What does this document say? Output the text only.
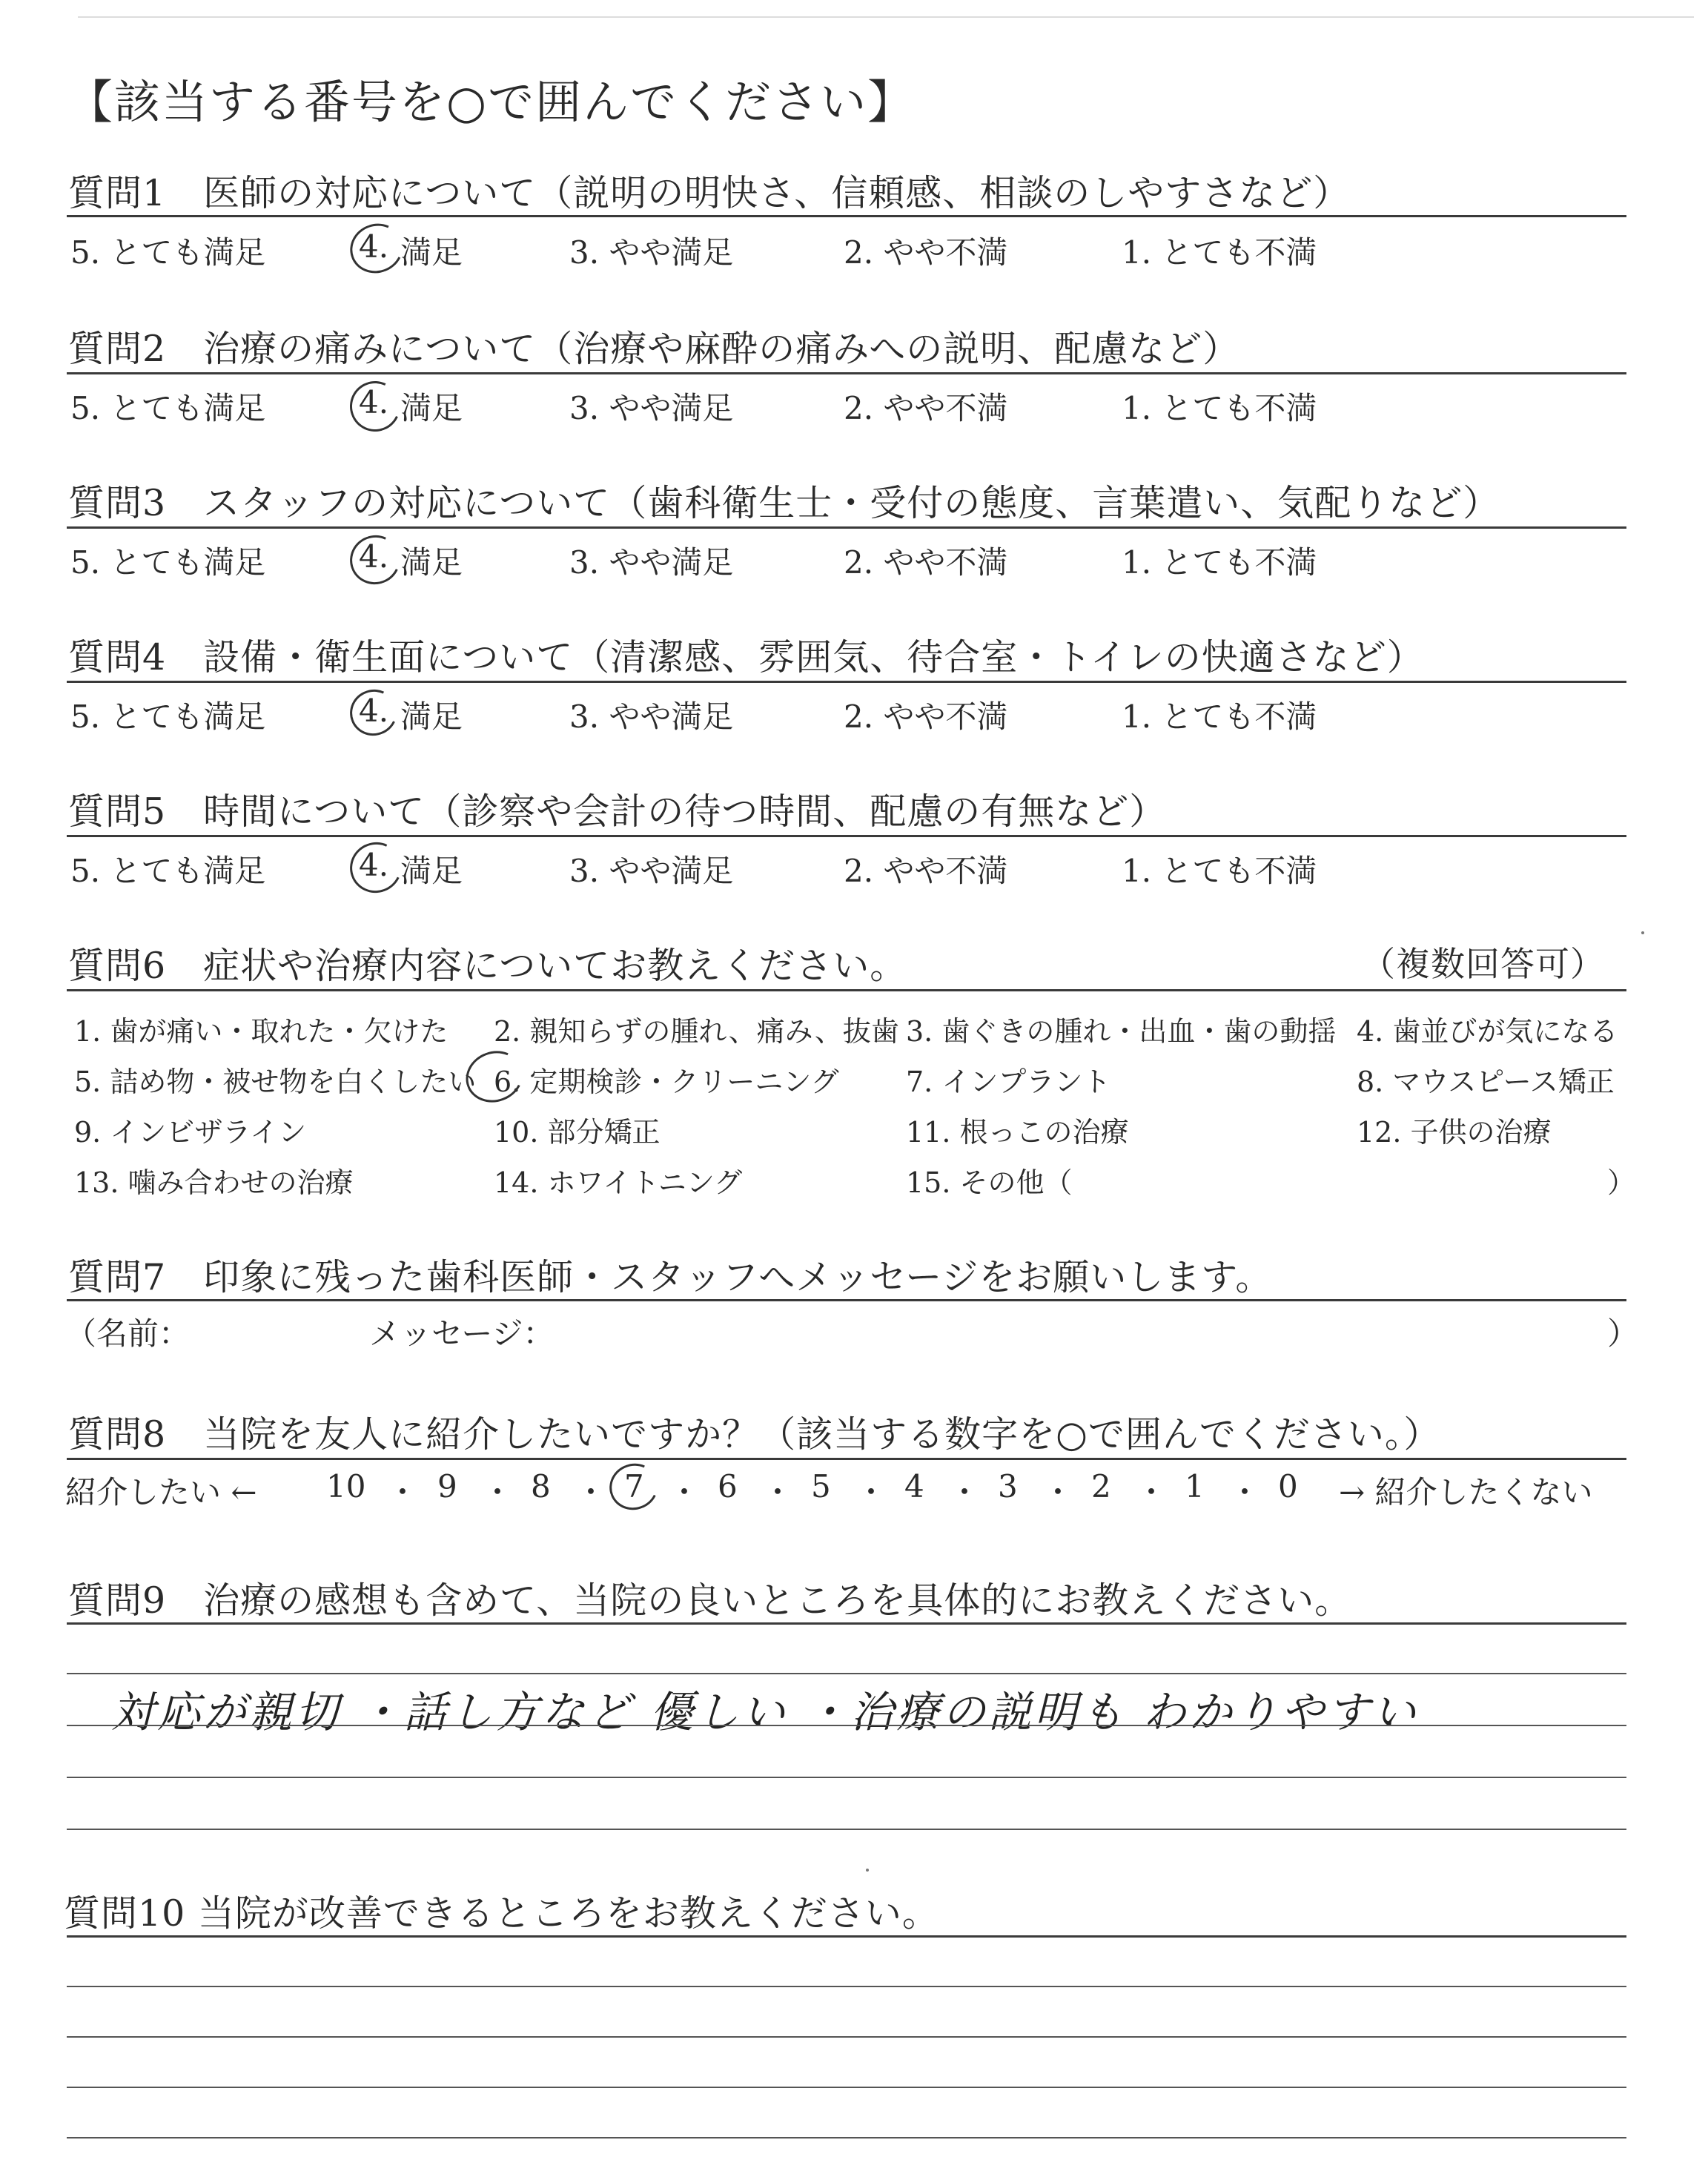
【該当する番号を○で囲んでください】
質問1　医師の対応について（説明の明快さ、信頼感、相談のしやすさなど）
5. とても満足	4. 満足	3. やや満足	2. やや不満	1. とても不満
質問2　治療の痛みについて（治療や麻酔の痛みへの説明、配慮など）
5. とても満足	4. 満足	3. やや満足	2. やや不満	1. とても不満
質問3　スタッフの対応について（歯科衛生士・受付の態度、言葉遣い、気配りなど）
5. とても満足	4. 満足	3. やや満足	2. やや不満	1. とても不満
質問4　設備・衛生面について（清潔感、雰囲気、待合室・トイレの快適さなど）
5. とても満足	4. 満足	3. やや満足	2. やや不満	1. とても不満
質問5　時間について（診察や会計の待つ時間、配慮の有無など）
5. とても満足	4. 満足	3. やや満足	2. やや不満	1. とても不満
質問6　症状や治療内容についてお教えください。	（複数回答可）
1. 歯が痛い・取れた・欠けた 2. 親知らずの腫れ、痛み、抜歯 3. 歯ぐきの腫れ・出血・歯の動揺 4. 歯並びが気になる
5. 詰め物・被せ物を白くしたい 6. 定期検診・クリーニング 7. インプラント	8. マウスピース矯正
9. インビザライン	10. 部分矯正	11. 根っこの治療	12. 子供の治療
13. 噛み合わせの治療	14. ホワイトニング	15. その他（	）
質問7　印象に残った歯科医師・スタッフへメッセージをお願いします。
（名前：	メッセージ：	）
質問8　当院を友人に紹介したいですか？（該当する数字を○で囲んでください。）
紹介したい ← 10 ・ 9 ・ 8 ・ 7 ・ 6 ・ 5 ・ 4 ・ 3 ・ 2 ・ 1 ・ 0 → 紹介したくない
質問9　治療の感想も含めて、当院の良いところを具体的にお教えください。
対応が親切 ・話し方など 優しい ・治療の説明も わかりやすい
質問10 当院が改善できるところをお教えください。
